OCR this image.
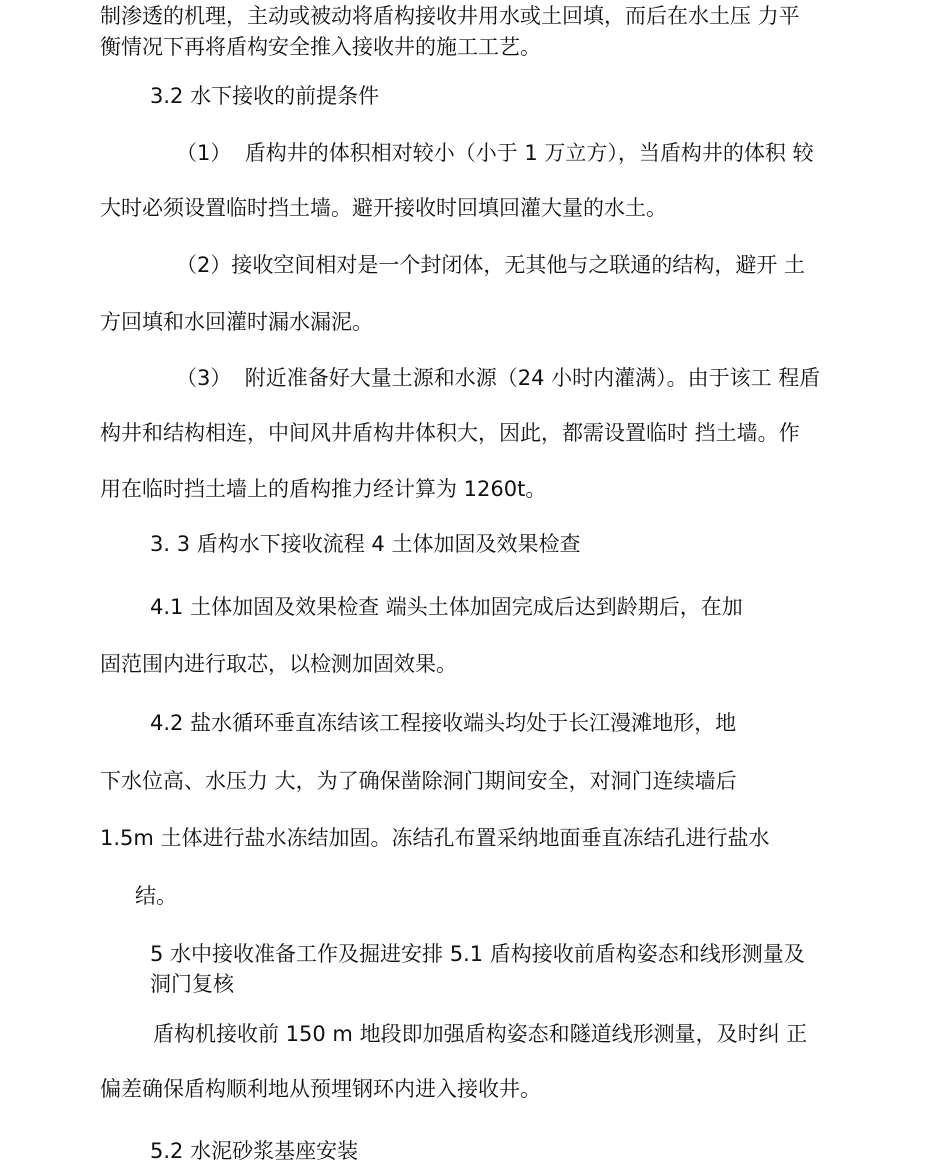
制渗透的机理，主动或被动将盾构接收井用水或土回填，而后在水土压 力平
衡情况下再将盾构安全推入接收井的施工工艺。
3.2 水下接收的前提条件
（1）  盾构井的体积相对较小（小于 1 万立方），当盾构井的体积 较
大时必须设置临时挡土墙。避开接收时回填回灌大量的水土。
（2）接收空间相对是一个封闭体，无其他与之联通的结构，避开 土
方回填和水回灌时漏水漏泥。
（3）  附近准备好大量土源和水源（24 小时内灌满）。由于该工 程盾
构井和结构相连，中间风井盾构井体积大，因此，都需设置临时 挡土墙。作
用在临时挡土墙上的盾构推力经计算为 1260t。
3. 3 盾构水下接收流程 4 土体加固及效果检查
4.1 土体加固及效果检查 端头土体加固完成后达到龄期后，在加
固范围内进行取芯，以检测加固效果。
4.2 盐水循环垂直冻结该工程接收端头均处于长江漫滩地形，地
下水位高、水压力 大，为了确保凿除洞门期间安全，对洞门连续墙后
1.5m 土体进行盐水冻结加固。冻结孔布置采纳地面垂直冻结孔进行盐水
结。
5 水中接收准备工作及掘进安排 5.1 盾构接收前盾构姿态和线形测量及
洞门复核
盾构机接收前 150 m 地段即加强盾构姿态和隧道线形测量，及时纠 正
偏差确保盾构顺利地从预埋钢环内进入接收井。
5.2 水泥砂浆基座安装
